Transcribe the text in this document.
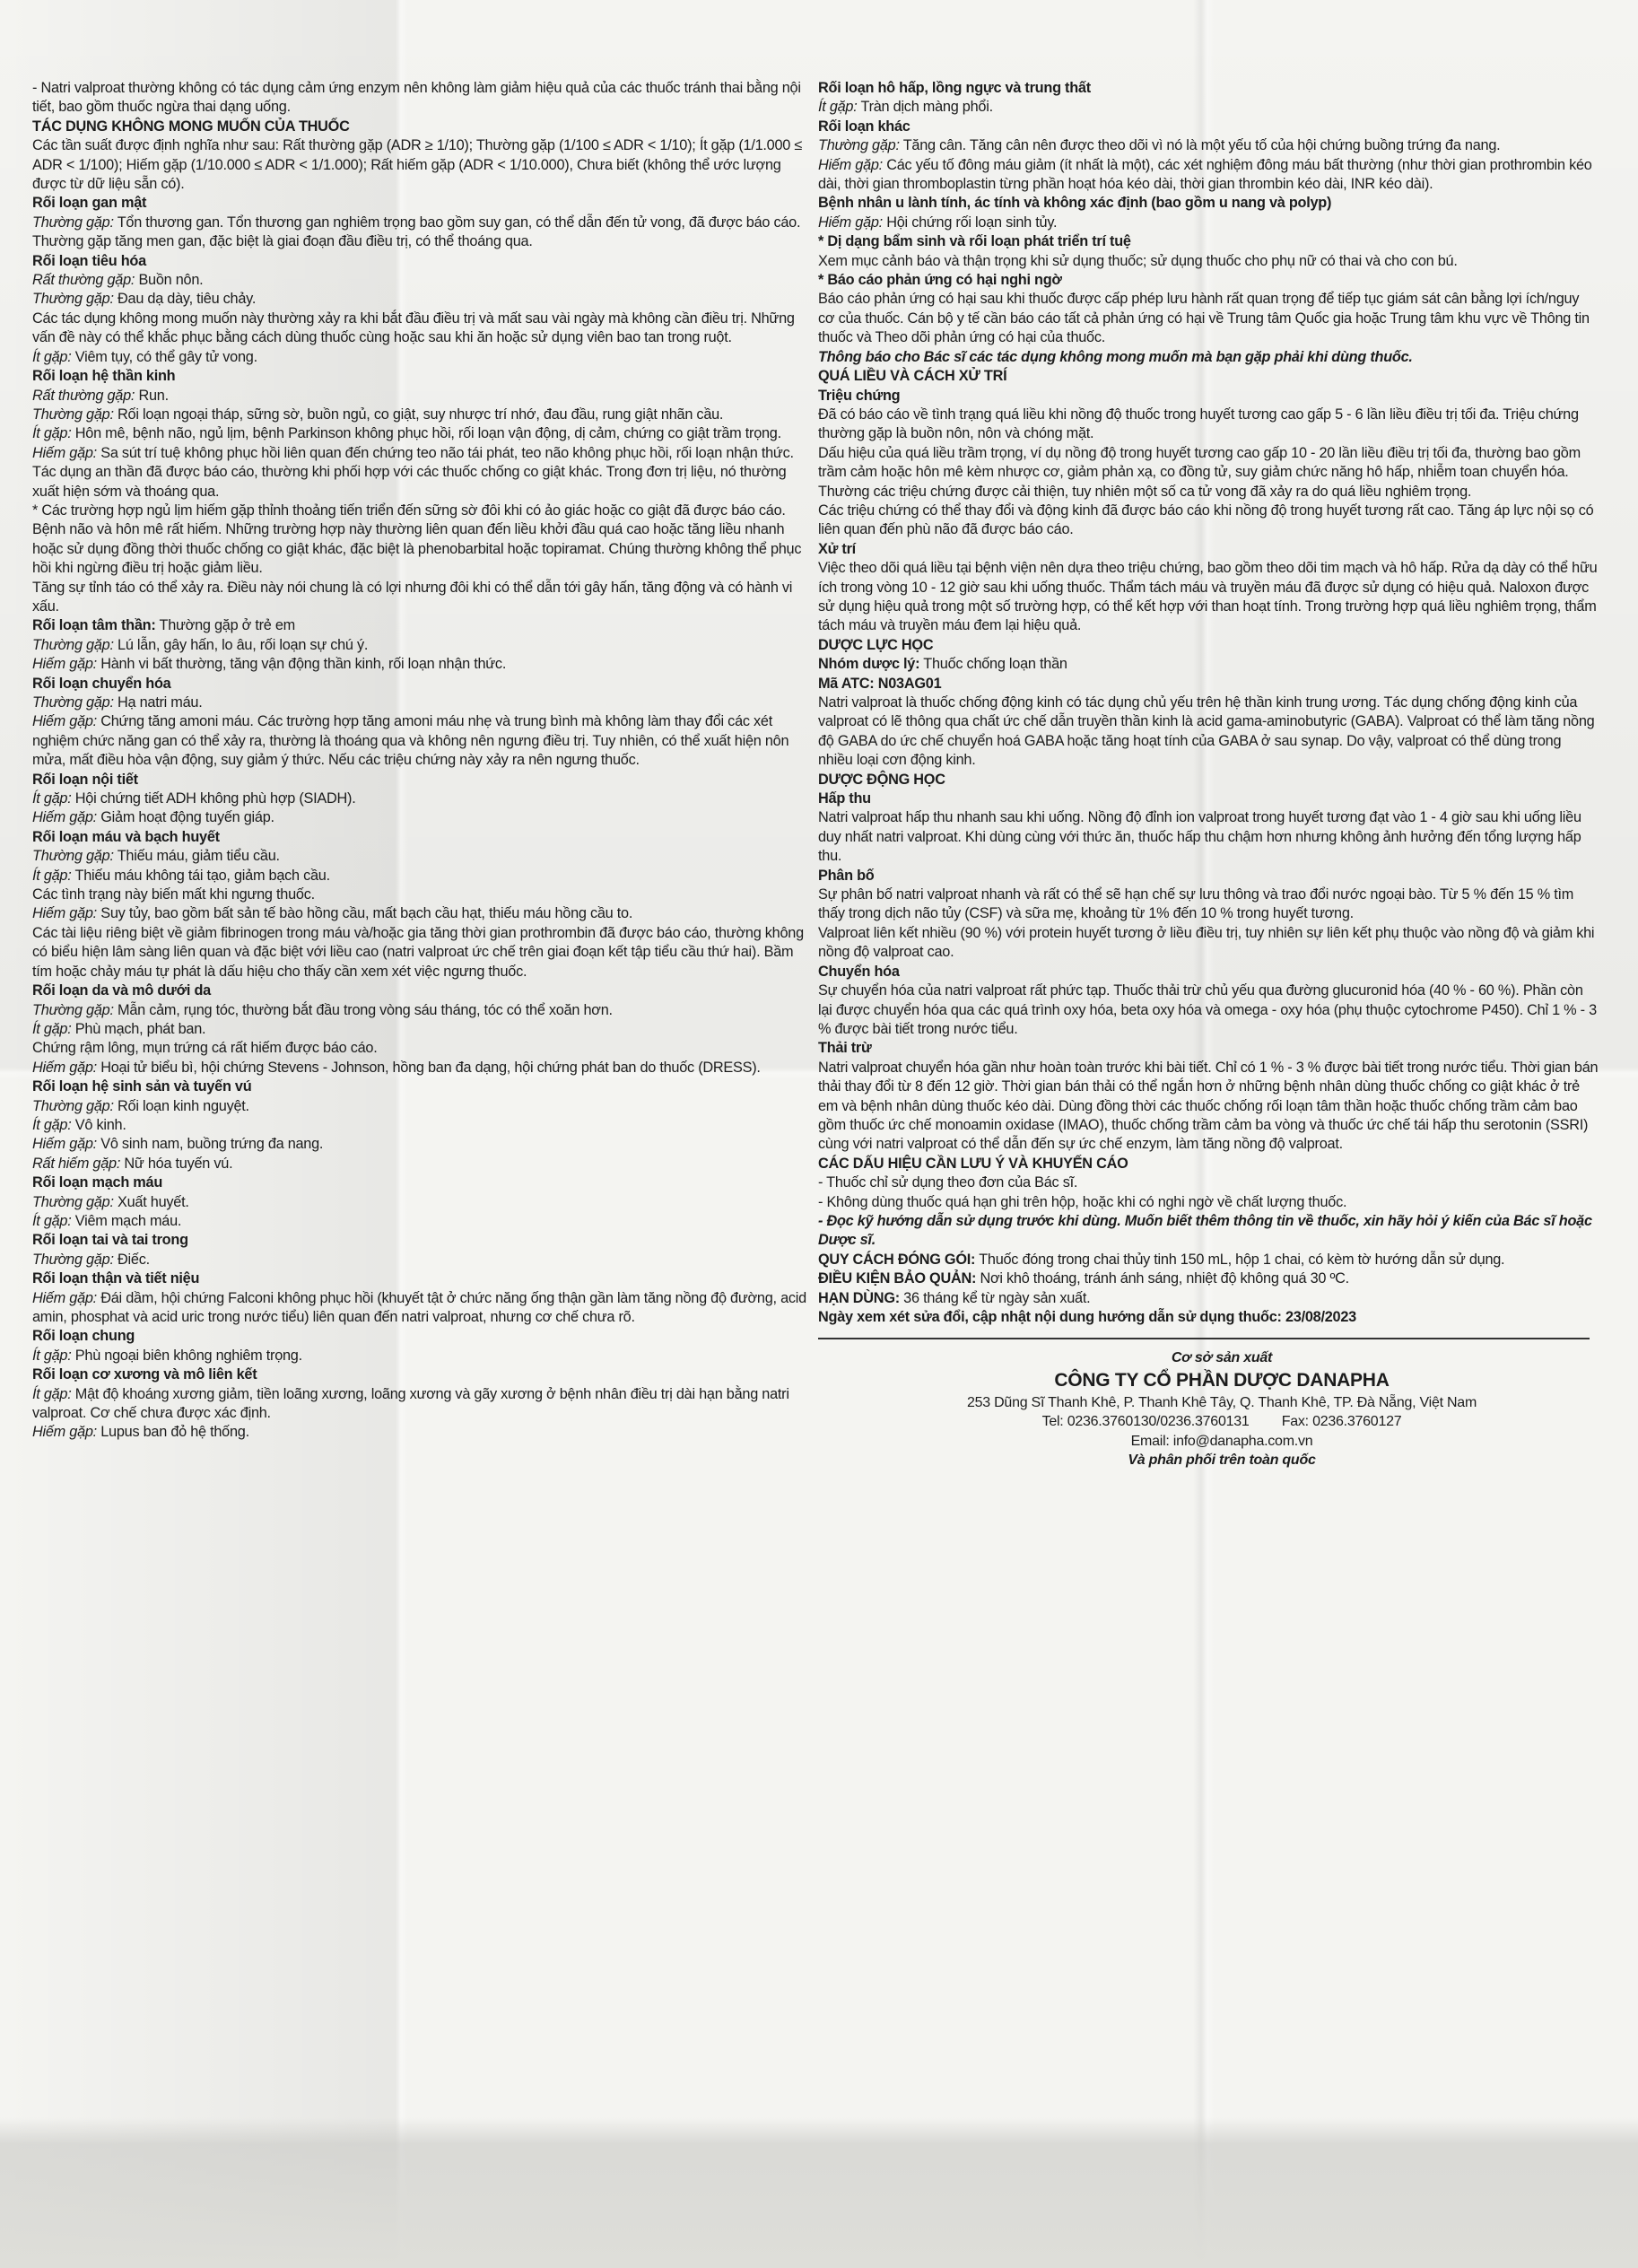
- Natri valproat thường không có tác dụng cảm ứng enzym nên không làm giảm hiệu quả của các thuốc tránh thai bằng nội tiết, bao gồm thuốc ngừa thai dạng uống.

TÁC DỤNG KHÔNG MONG MUỐN CỦA THUỐC

Các tần suất được định nghĩa như sau: Rất thường gặp (ADR ≥ 1/10); Thường gặp (1/100 ≤ ADR < 1/10); Ít gặp (1/1.000 ≤ ADR < 1/100); Hiếm gặp (1/10.000 ≤ ADR < 1/1.000); Rất hiếm gặp (ADR < 1/10.000), Chưa biết (không thể ước lượng được từ dữ liệu sẵn có).

Rối loạn gan mật

Thường gặp: Tổn thương gan. Tổn thương gan nghiêm trọng bao gồm suy gan, có thể dẫn đến tử vong, đã được báo cáo. Thường gặp tăng men gan, đặc biệt là giai đoạn đầu điều trị, có thể thoáng qua.

Rối loạn tiêu hóa

Rất thường gặp: Buồn nôn.

Thường gặp: Đau dạ dày, tiêu chảy.

Các tác dụng không mong muốn này thường xảy ra khi bắt đầu điều trị và mất sau vài ngày mà không cần điều trị. Những vấn đề này có thể khắc phục bằng cách dùng thuốc cùng hoặc sau khi ăn hoặc sử dụng viên bao tan trong ruột.

Ít gặp: Viêm tụy, có thể gây tử vong.

Rối loạn hệ thần kinh

Rất thường gặp: Run.

Thường gặp: Rối loạn ngoại tháp, sững sờ, buồn ngủ, co giật, suy nhược trí nhớ, đau đầu, rung giật nhãn cầu.

Ít gặp: Hôn mê, bệnh não, ngủ lịm, bệnh Parkinson không phục hồi, rối loạn vận động, dị cảm, chứng co giật trầm trọng.

Hiếm gặp: Sa sút trí tuệ không phục hồi liên quan đến chứng teo não tái phát, teo não không phục hồi, rối loạn nhận thức.

Tác dụng an thần đã được báo cáo, thường khi phối hợp với các thuốc chống co giật khác. Trong đơn trị liệu, nó thường xuất hiện sớm và thoáng qua.

* Các trường hợp ngủ lịm hiếm gặp thỉnh thoảng tiến triển đến sững sờ đôi khi có ảo giác hoặc co giật đã được báo cáo. Bệnh não và hôn mê rất hiếm. Những trường hợp này thường liên quan đến liều khởi đầu quá cao hoặc tăng liều nhanh hoặc sử dụng đồng thời thuốc chống co giật khác, đặc biệt là phenobarbital hoặc topiramat. Chúng thường không thể phục hồi khi ngừng điều trị hoặc giảm liều.

Tăng sự tỉnh táo có thể xảy ra. Điều này nói chung là có lợi nhưng đôi khi có thể dẫn tới gây hấn, tăng động và có hành vi xấu.

Rối loạn tâm thần: Thường gặp ở trẻ em

Thường gặp: Lú lẫn, gây hấn, lo âu, rối loạn sự chú ý.

Hiếm gặp: Hành vi bất thường, tăng vận động thần kinh, rối loạn nhận thức.

Rối loạn chuyển hóa

Thường gặp: Hạ natri máu.

Hiếm gặp: Chứng tăng amoni máu. Các trường hợp tăng amoni máu nhẹ và trung bình mà không làm thay đổi các xét nghiệm chức năng gan có thể xảy ra, thường là thoáng qua và không nên ngưng điều trị. Tuy nhiên, có thể xuất hiện nôn mửa, mất điều hòa vận động, suy giảm ý thức. Nếu các triệu chứng này xảy ra nên ngưng thuốc.

Rối loạn nội tiết

Ít gặp: Hội chứng tiết ADH không phù hợp (SIADH).

Hiếm gặp: Giảm hoạt động tuyến giáp.

Rối loạn máu và bạch huyết

Thường gặp: Thiếu máu, giảm tiểu cầu.

Ít gặp: Thiếu máu không tái tạo, giảm bạch cầu.

Các tình trạng này biến mất khi ngưng thuốc.

Hiếm gặp: Suy tủy, bao gồm bất sản tế bào hồng cầu, mất bạch cầu hạt, thiếu máu hồng cầu to.

Các tài liệu riêng biệt về giảm fibrinogen trong máu và/hoặc gia tăng thời gian prothrombin đã được báo cáo, thường không có biểu hiện lâm sàng liên quan và đặc biệt với liều cao (natri valproat ức chế trên giai đoạn kết tập tiểu cầu thứ hai). Bầm tím hoặc chảy máu tự phát là dấu hiệu cho thấy cần xem xét việc ngưng thuốc.

Rối loạn da và mô dưới da

Thường gặp: Mẫn cảm, rụng tóc, thường bắt đầu trong vòng sáu tháng, tóc có thể xoăn hơn.

Ít gặp: Phù mạch, phát ban.

Chứng rậm lông, mụn trứng cá rất hiếm được báo cáo.

Hiếm gặp: Hoại tử biểu bì, hội chứng Stevens - Johnson, hồng ban đa dạng, hội chứng phát ban do thuốc (DRESS).

Rối loạn hệ sinh sản và tuyến vú

Thường gặp: Rối loạn kinh nguyệt.

Ít gặp: Vô kinh.

Hiếm gặp: Vô sinh nam, buồng trứng đa nang.

Rất hiếm gặp: Nữ hóa tuyến vú.

Rối loạn mạch máu

Thường gặp: Xuất huyết.

Ít gặp: Viêm mạch máu.

Rối loạn tai và tai trong

Thường gặp: Điếc.

Rối loạn thận và tiết niệu

Hiếm gặp: Đái dầm, hội chứng Falconi không phục hồi (khuyết tật ở chức năng ống thận gần làm tăng nồng độ đường, acid amin, phosphat và acid uric trong nước tiểu) liên quan đến natri valproat, nhưng cơ chế chưa rõ.

Rối loạn chung

Ít gặp: Phù ngoại biên không nghiêm trọng.

Rối loạn cơ xương và mô liên kết

Ít gặp: Mật độ khoáng xương giảm, tiền loãng xương, loãng xương và gãy xương ở bệnh nhân điều trị dài hạn bằng natri valproat. Cơ chế chưa được xác định.

Hiếm gặp: Lupus ban đỏ hệ thống.

Rối loạn hô hấp, lồng ngực và trung thất

Ít gặp: Tràn dịch màng phổi.

Rối loạn khác

Thường gặp: Tăng cân. Tăng cân nên được theo dõi vì nó là một yếu tố của hội chứng buồng trứng đa nang.

Hiếm gặp: Các yếu tố đông máu giảm (ít nhất là một), các xét nghiệm đông máu bất thường (như thời gian prothrombin kéo dài, thời gian thromboplastin từng phần hoạt hóa kéo dài, thời gian thrombin kéo dài, INR kéo dài).

Bệnh nhân u lành tính, ác tính và không xác định (bao gồm u nang và polyp)

Hiếm gặp: Hội chứng rối loạn sinh tủy.

* Dị dạng bẩm sinh và rối loạn phát triển trí tuệ

Xem mục cảnh báo và thận trọng khi sử dụng thuốc; sử dụng thuốc cho phụ nữ có thai và cho con bú.

* Báo cáo phản ứng có hại nghi ngờ

Báo cáo phản ứng có hại sau khi thuốc được cấp phép lưu hành rất quan trọng để tiếp tục giám sát cân bằng lợi ích/nguy cơ của thuốc. Cán bộ y tế cần báo cáo tất cả phản ứng có hại về Trung tâm Quốc gia hoặc Trung tâm khu vực về Thông tin thuốc và Theo dõi phản ứng có hại của thuốc.

Thông báo cho Bác sĩ các tác dụng không mong muốn mà bạn gặp phải khi dùng thuốc.

QUÁ LIỀU VÀ CÁCH XỬ TRÍ

Triệu chứng

Đã có báo cáo về tình trạng quá liều khi nồng độ thuốc trong huyết tương cao gấp 5 - 6 lần liều điều trị tối đa. Triệu chứng thường gặp là buồn nôn, nôn và chóng mặt.

Dấu hiệu của quá liều trầm trọng, ví dụ nồng độ trong huyết tương cao gấp 10 - 20 lần liều điều trị tối đa, thường bao gồm trầm cảm hoặc hôn mê kèm nhược cơ, giảm phản xạ, co đồng tử, suy giảm chức năng hô hấp, nhiễm toan chuyển hóa. Thường các triệu chứng được cải thiện, tuy nhiên một số ca tử vong đã xảy ra do quá liều nghiêm trọng.

Các triệu chứng có thể thay đổi và động kinh đã được báo cáo khi nồng độ trong huyết tương rất cao. Tăng áp lực nội sọ có liên quan đến phù não đã được báo cáo.

Xử trí

Việc theo dõi quá liều tại bệnh viện nên dựa theo triệu chứng, bao gồm theo dõi tim mạch và hô hấp. Rửa dạ dày có thể hữu ích trong vòng 10 - 12 giờ sau khi uống thuốc. Thẩm tách máu và truyền máu đã được sử dụng có hiệu quả. Naloxon được sử dụng hiệu quả trong một số trường hợp, có thể kết hợp với than hoạt tính. Trong trường hợp quá liều nghiêm trọng, thẩm tách máu và truyền máu đem lại hiệu quả.

DƯỢC LỰC HỌC

Nhóm dược lý: Thuốc chống loạn thần

Mã ATC: N03AG01

Natri valproat là thuốc chống động kinh có tác dụng chủ yếu trên hệ thần kinh trung ương. Tác dụng chống động kinh của valproat có lẽ thông qua chất ức chế dẫn truyền thần kinh là acid gama-aminobutyric (GABA). Valproat có thể làm tăng nồng độ GABA do ức chế chuyển hoá GABA hoặc tăng hoạt tính của GABA ở sau synap. Do vậy, valproat có thể dùng trong nhiều loại cơn động kinh.

DƯỢC ĐỘNG HỌC

Hấp thu

Natri valproat hấp thu nhanh sau khi uống. Nồng độ đỉnh ion valproat trong huyết tương đạt vào 1 - 4 giờ sau khi uống liều duy nhất natri valproat. Khi dùng cùng với thức ăn, thuốc hấp thu chậm hơn nhưng không ảnh hưởng đến tổng lượng hấp thu.

Phân bố

Sự phân bố natri valproat nhanh và rất có thể sẽ hạn chế sự lưu thông và trao đổi nước ngoại bào. Từ 5 % đến 15 % tìm thấy trong dịch não tủy (CSF) và sữa mẹ, khoảng từ 1% đến 10 % trong huyết tương.

Valproat liên kết nhiều (90 %) với protein huyết tương ở liều điều trị, tuy nhiên sự liên kết phụ thuộc vào nồng độ và giảm khi nồng độ valproat cao.

Chuyển hóa

Sự chuyển hóa của natri valproat rất phức tạp. Thuốc thải trừ chủ yếu qua đường glucuronid hóa (40 % - 60 %). Phần còn lại được chuyển hóa qua các quá trình oxy hóa, beta oxy hóa và omega - oxy hóa (phụ thuộc cytochrome P450). Chỉ 1 % - 3 % được bài tiết trong nước tiểu.

Thải trừ

Natri valproat chuyển hóa gần như hoàn toàn trước khi bài tiết. Chỉ có 1 % - 3 % được bài tiết trong nước tiểu. Thời gian bán thải thay đổi từ 8 đến 12 giờ. Thời gian bán thải có thể ngắn hơn ở những bệnh nhân dùng thuốc chống co giật khác ở trẻ em và bệnh nhân dùng thuốc kéo dài. Dùng đồng thời các thuốc chống rối loạn tâm thần hoặc thuốc chống trầm cảm bao gồm thuốc ức chế monoamin oxidase (IMAO), thuốc chống trầm cảm ba vòng và thuốc ức chế tái hấp thu serotonin (SSRI) cùng với natri valproat có thể dẫn đến sự ức chế enzym, làm tăng nồng độ valproat.

CÁC DẤU HIỆU CẦN LƯU Ý VÀ KHUYẾN CÁO

- Thuốc chỉ sử dụng theo đơn của Bác sĩ.

- Không dùng thuốc quá hạn ghi trên hộp, hoặc khi có nghi ngờ về chất lượng thuốc.

- Đọc kỹ hướng dẫn sử dụng trước khi dùng. Muốn biết thêm thông tin về thuốc, xin hãy hỏi ý kiến của Bác sĩ hoặc Dược sĩ.

QUY CÁCH ĐÓNG GÓI: Thuốc đóng trong chai thủy tinh 150 mL, hộp 1 chai, có kèm tờ hướng dẫn sử dụng.

ĐIỀU KIỆN BẢO QUẢN: Nơi khô thoáng, tránh ánh sáng, nhiệt độ không quá 30 ºC.

HẠN DÙNG: 36 tháng kể từ ngày sản xuất.

Ngày xem xét sửa đổi, cập nhật nội dung hướng dẫn sử dụng thuốc: 23/08/2023

Cơ sở sản xuất
CÔNG TY CỔ PHẦN DƯỢC DANAPHA
253 Dũng Sĩ Thanh Khê, P. Thanh Khê Tây, Q. Thanh Khê, TP. Đà Nẵng, Việt Nam
Tel: 0236.3760130/0236.3760131 Fax: 0236.3760127
Email: info@danapha.com.vn
Và phân phối trên toàn quốc
